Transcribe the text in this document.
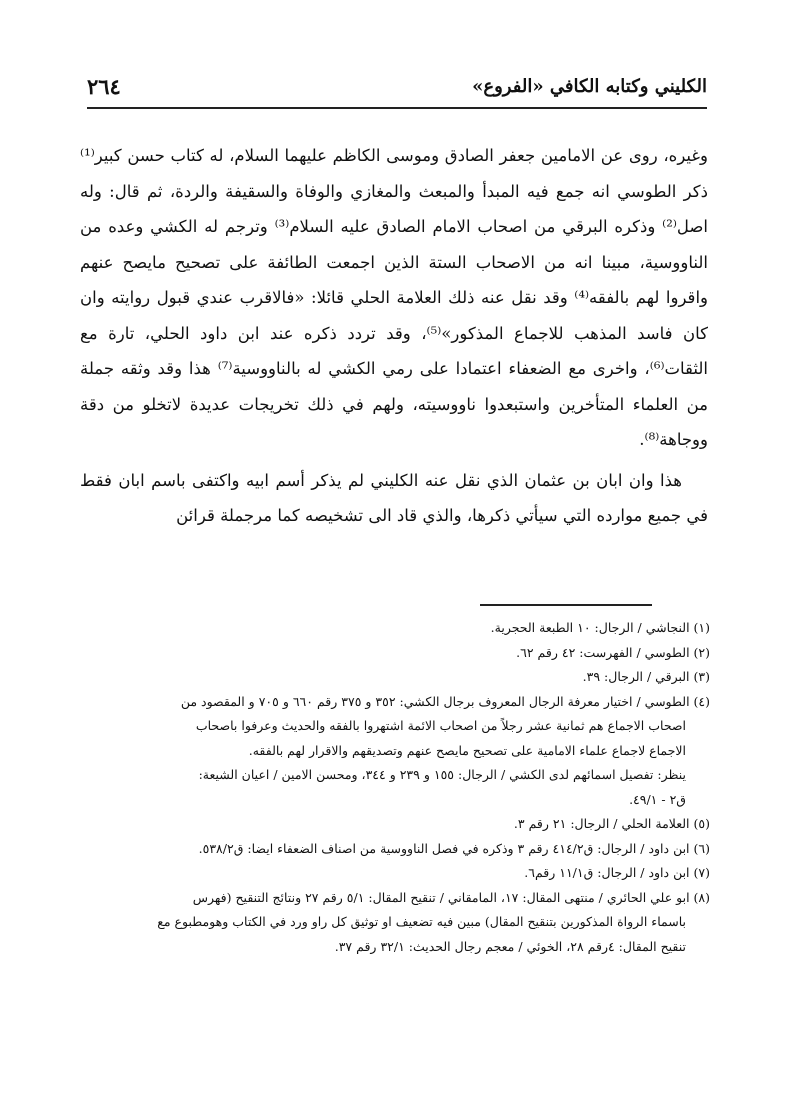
٢٦٤	الكليني وكتابه الكافي «الفروع»

وغيره، روى عن الامامين جعفر الصادق وموسى الكاظم عليهما السلام، له كتاب حسن كبير⁽¹⁾ ذكر الطوسي انه جمع فيه المبدأ والمبعث والمغازي والوفاة والسقيفة والردة، ثم قال: وله اصل⁽²⁾ وذكره البرقي من اصحاب الامام الصادق عليه السلام⁽³⁾ وترجم له الكشي وعده من الناووسية، مبينا انه من الاصحاب الستة الذين اجمعت الطائفة على تصحيح مايصح عنهم واقروا لهم بالفقه⁽⁴⁾ وقد نقل عنه ذلك العلامة الحلي قائلا: «فالاقرب عندي قبول روايته وان كان فاسد المذهب للاجماع المذكور»⁽⁵⁾، وقد تردد ذكره عند ابن داود الحلي، تارة مع الثقات⁽⁶⁾، واخرى مع الضعفاء اعتمادا على رمي الكشي له بالناووسية⁽⁷⁾ هذا وقد وثقه جملة من العلماء المتأخرين واستبعدوا ناووسيته، ولهم في ذلك تخريجات عديدة لاتخلو من دقة ووجاهة⁽⁸⁾.

هذا وان ابان بن عثمان الذي نقل عنه الكليني لم يذكر أسم ابيه واكتفى باسم ابان فقط في جميع موارده التي سيأتي ذكرها، والذي قاد الى تشخيصه كما مرجملة قرائن

(١) النجاشي / الرجال: ١٠ الطبعة الحجرية.

(٢) الطوسي / الفهرست: ٤٢ رقم ٦٢.

(٣) البرقي / الرجال: ٣٩.

(٤) الطوسي / اختيار معرفة الرجال المعروف برجال الكشي: ٣٥٢ و ٣٧٥ رقم ٦٦٠ و ٧٠٥ و المقصود من

اصحاب الاجماع هم ثمانية عشر رجلاً من اصحاب الائمة اشتهروا بالفقه والحديث وعرفوا باصحاب

الاجماع لاجماع علماء الامامية على تصحيح مايصح عنهم وتصديقهم والاقرار لهم بالفقه.

ينظر: تفصيل اسمائهم لدى الكشي / الرجال: ١٥٥ و ٢٣٩ و ٣٤٤، ومحسن الامين / اعيان الشيعة:

ق٢ - ٤٩/١.

(٥) العلامة الحلي / الرجال: ٢١ رقم ٣.

(٦) ابن داود / الرجال: ق٤١٤/٢ رقم ٣ وذكره في فصل الناووسية من اصناف الضعفاء ايضا: ق٥٣٨/٢.

(٧) ابن داود / الرجال: ق١١/١ رقم٦.

(٨) ابو علي الحائري / منتهى المقال: ١٧، المامقاني / تنقيح المقال: ٥/١ رقم ٢٧ ونتائج التنقيح (فهرس

باسماء الرواة المذكورين بتنقيح المقال) مبين فيه تضعيف او توثيق كل راو ورد في الكتاب وهومطبوع مع

تنقيح المقال: ٤رقم ٢٨، الخوئي / معجم رجال الحديث: ٣٢/١ رقم ٣٧.
